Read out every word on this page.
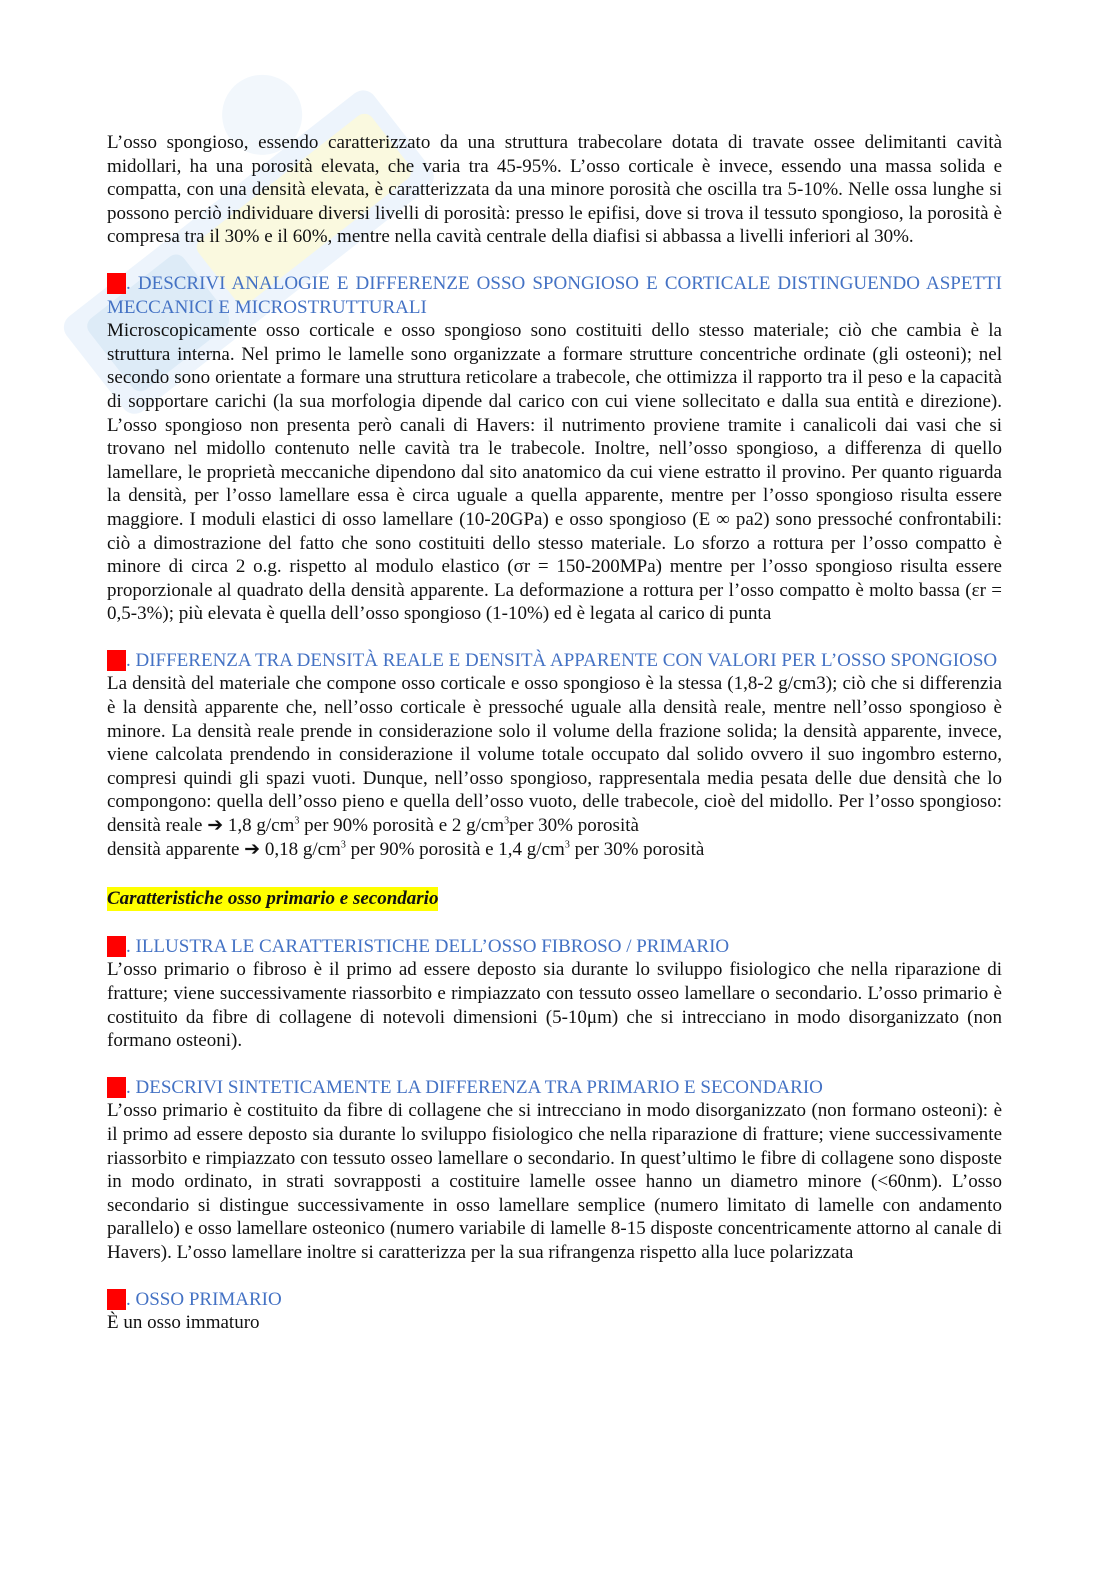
L’osso spongioso, essendo caratterizzato da una struttura trabecolare dotata di travate ossee delimitanti cavità midollari, ha una porosità elevata, che varia tra 45-95%. L’osso corticale è invece, essendo una massa solida e compatta, con una densità elevata, è caratterizzata da una minore porosità che oscilla tra 5-10%. Nelle ossa lunghe si possono perciò individuare diversi livelli di porosità: presso le epifisi, dove si trova il tessuto spongioso, la porosità è compresa tra il 30% e il 60%, mentre nella cavità centrale della diafisi si abbassa a livelli inferiori al 30%.

43. DESCRIVI ANALOGIE E DIFFERENZE OSSO SPONGIOSO E CORTICALE DISTINGUENDO ASPETTI MECCANICI E MICROSTRUTTURALI

Microscopicamente osso corticale e osso spongioso sono costituiti dello stesso materiale; ciò che cambia è la struttura interna. Nel primo le lamelle sono organizzate a formare strutture concentriche ordinate (gli osteoni); nel secondo sono orientate a formare una struttura reticolare a trabecole, che ottimizza il rapporto tra il peso e la capacità di sopportare carichi (la sua morfologia dipende dal carico con cui viene sollecitato e dalla sua entità e direzione). L’osso spongioso non presenta però canali di Havers: il nutrimento proviene tramite i canalicoli dai vasi che si trovano nel midollo contenuto nelle cavità tra le trabecole. Inoltre, nell’osso spongioso, a differenza di quello lamellare, le proprietà meccaniche dipendono dal sito anatomico da cui viene estratto il provino. Per quanto riguarda la densità, per l’osso lamellare essa è circa uguale a quella apparente, mentre per l’osso spongioso risulta essere maggiore. I moduli elastici di osso lamellare (10-20GPa) e osso spongioso (E ∞ pa2) sono pressoché confrontabili: ciò a dimostrazione del fatto che sono costituiti dello stesso materiale. Lo sforzo a rottura per l’osso compatto è minore di circa 2 o.g. rispetto al modulo elastico (σr = 150-200MPa) mentre per l’osso spongioso risulta essere proporzionale al quadrato della densità apparente. La deformazione a rottura per l’osso compatto è molto bassa (εr = 0,5-3%); più elevata è quella dell’osso spongioso (1-10%) ed è legata al carico di punta

12. DIFFERENZA TRA DENSITÀ REALE E DENSITÀ APPARENTE CON VALORI PER L’OSSO SPONGIOSO

La densità del materiale che compone osso corticale e osso spongioso è la stessa (1,8-2 g/cm3); ciò che si differenzia è la densità apparente che, nell’osso corticale è pressoché uguale alla densità reale, mentre nell’osso spongioso è minore. La densità reale prende in considerazione solo il volume della frazione solida; la densità apparente, invece, viene calcolata prendendo in considerazione il volume totale occupato dal solido ovvero il suo ingombro esterno, compresi quindi gli spazi vuoti. Dunque, nell’osso spongioso, rappresentala media pesata delle due densità che lo compongono: quella dell’osso pieno e quella dell’osso vuoto, delle trabecole, cioè del midollo. Per l’osso spongioso: densità reale ➔ 1,8 $g/cm^3$ per 90% porosità e 2 $g/cm^3per$ 30% porosità

densità apparente ➔ 0,18 $g/cm^3$ per 90% porosità e 1,4 $g/cm^3$ per 30% porosità

Caratteristiche osso primario e secondario

10. ILLUSTRA LE CARATTERISTICHE DELL’OSSO FIBROSO / PRIMARIO

L’osso primario o fibroso è il primo ad essere deposto sia durante lo sviluppo fisiologico che nella riparazione di fratture; viene successivamente riassorbito e rimpiazzato con tessuto osseo lamellare o secondario. L’osso primario è costituito da fibre di collagene di notevoli dimensioni (5-10μm) che si intrecciano in modo disorganizzato (non formano osteoni).

16. DESCRIVI SINTETICAMENTE LA DIFFERENZA TRA PRIMARIO E SECONDARIO

L’osso primario è costituito da fibre di collagene che si intrecciano in modo disorganizzato (non formano osteoni): è il primo ad essere deposto sia durante lo sviluppo fisiologico che nella riparazione di fratture; viene successivamente riassorbito e rimpiazzato con tessuto osseo lamellare o secondario. In quest’ultimo le fibre di collagene sono disposte in modo ordinato, in strati sovrapposti a costituire lamelle ossee hanno un diametro minore (<60nm). L’osso secondario si distingue successivamente in osso lamellare semplice (numero limitato di lamelle con andamento parallelo) e osso lamellare osteonico (numero variabile di lamelle 8-15 disposte concentricamente attorno al canale di Havers). L’osso lamellare inoltre si caratterizza per la sua rifrangenza rispetto alla luce polarizzata

29. OSSO PRIMARIO

È un osso immaturo
